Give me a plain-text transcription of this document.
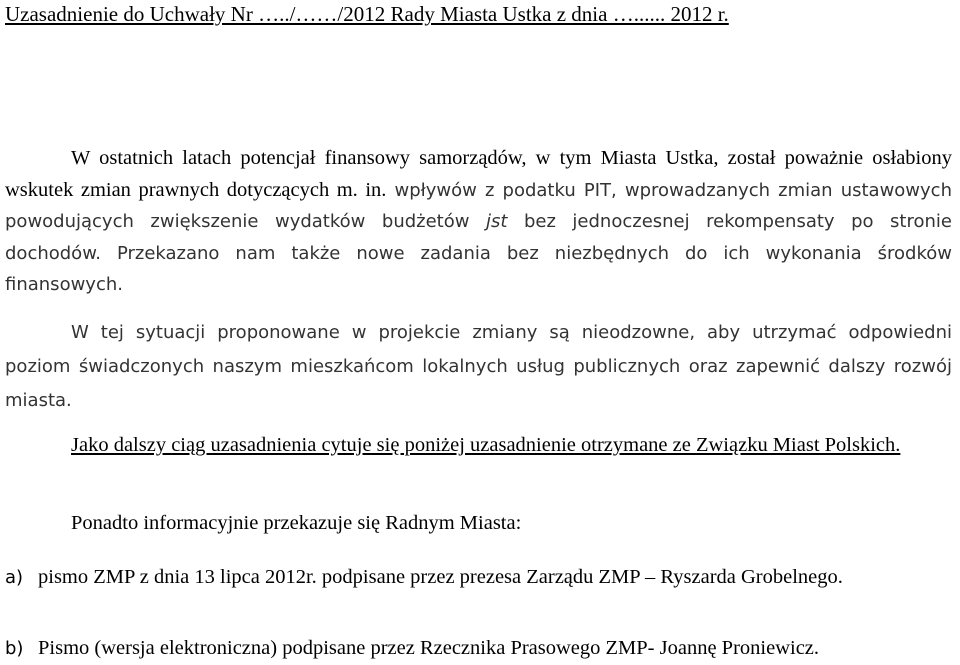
Uzasadnienie do Uchwały Nr …../……/2012 Rady Miasta Ustka z dnia …...... 2012 r.
W ostatnich latach potencjał finansowy samorządów, w tym Miasta Ustka, został poważnie osłabiony wskutek zmian prawnych dotyczących m. in. wpływów z podatku PIT, wprowadzanych zmian ustawowych powodujących zwiększenie wydatków budżetów jst bez jednoczesnej rekompensaty po stronie dochodów. Przekazano nam także nowe zadania bez niezbędnych do ich wykonania środków finansowych.
W tej sytuacji proponowane w projekcie zmiany są nieodzowne, aby utrzymać odpowiedni poziom świadczonych naszym mieszkańcom lokalnych usług publicznych oraz zapewnić dalszy rozwój miasta.
Jako dalszy ciąg uzasadnienia cytuje się poniżej uzasadnienie otrzymane ze Związku Miast Polskich.
Ponadto informacyjnie przekazuje się Radnym Miasta:
a) pismo ZMP z dnia 13 lipca 2012r. podpisane przez prezesa Zarządu ZMP – Ryszarda Grobelnego.
b) Pismo (wersja elektroniczna) podpisane przez Rzecznika Prasowego ZMP- Joannę Proniewicz.
